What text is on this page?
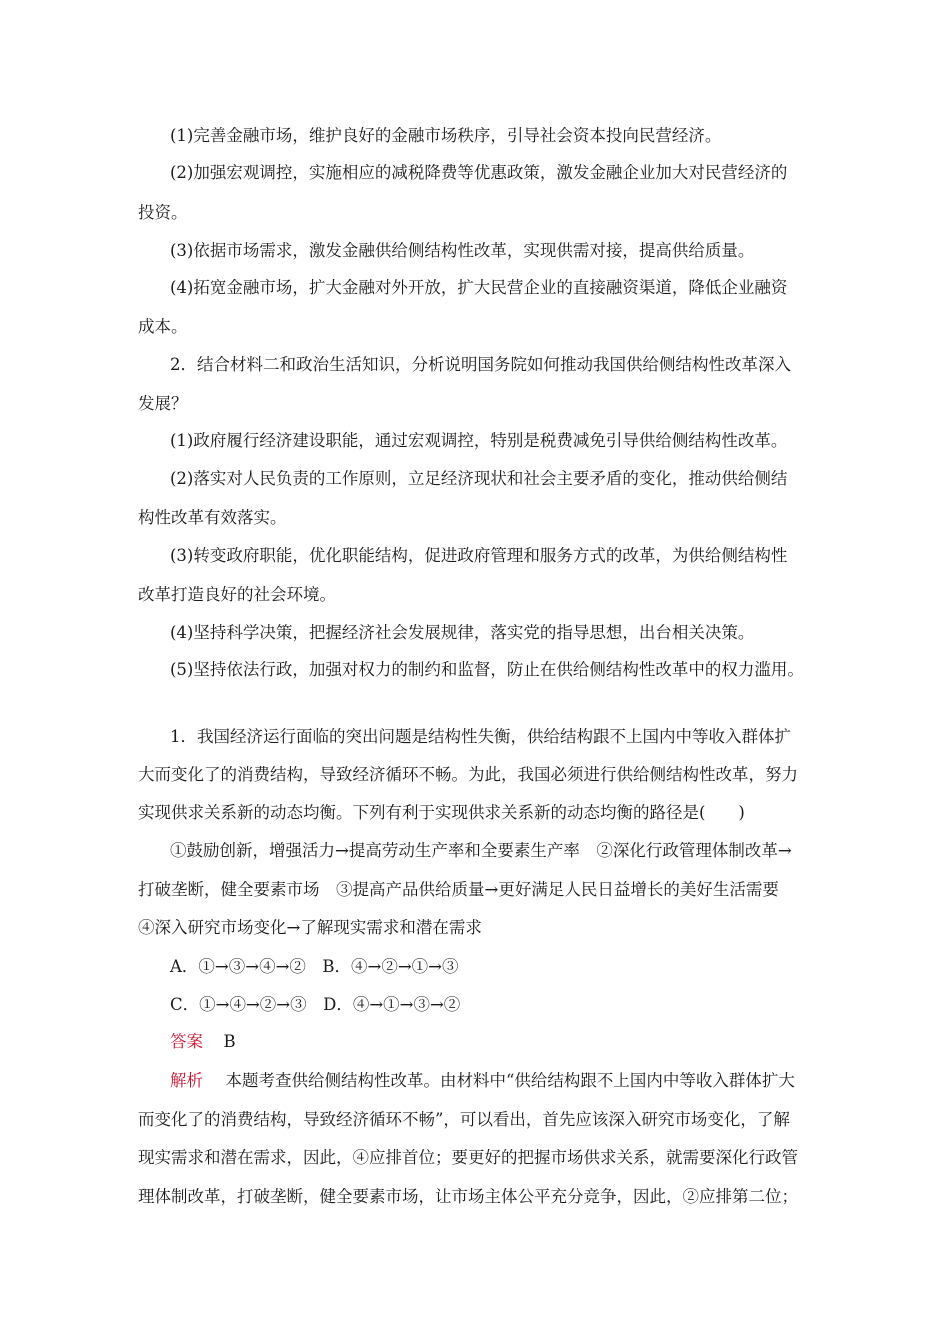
(1)完善金融市场，维护良好的金融市场秩序，引导社会资本投向民营经济。
(2)加强宏观调控，实施相应的减税降费等优惠政策，激发金融企业加大对民营经济的
投资。
(3)依据市场需求，激发金融供给侧结构性改革，实现供需对接，提高供给质量。
(4)拓宽金融市场，扩大金融对外开放，扩大民营企业的直接融资渠道，降低企业融资
成本。
2．结合材料二和政治生活知识，分析说明国务院如何推动我国供给侧结构性改革深入
发展？
(1)政府履行经济建设职能，通过宏观调控，特别是税费减免引导供给侧结构性改革。
(2)落实对人民负责的工作原则，立足经济现状和社会主要矛盾的变化，推动供给侧结
构性改革有效落实。
(3)转变政府职能，优化职能结构，促进政府管理和服务方式的改革，为供给侧结构性
改革打造良好的社会环境。
(4)坚持科学决策，把握经济社会发展规律，落实党的指导思想，出台相关决策。
(5)坚持依法行政，加强对权力的制约和监督，防止在供给侧结构性改革中的权力滥用。
1．我国经济运行面临的突出问题是结构性失衡，供给结构跟不上国内中等收入群体扩
大而变化了的消费结构，导致经济循环不畅。为此，我国必须进行供给侧结构性改革，努力
实现供求关系新的动态均衡。下列有利于实现供求关系新的动态均衡的路径是(　　)
①鼓励创新，增强活力→提高劳动生产率和全要素生产率　②深化行政管理体制改革→
打破垄断，健全要素市场　③提高产品供给质量→更好满足人民日益增长的美好生活需要
④深入研究市场变化→了解现实需求和潜在需求
A．①→③→④→②　B．④→②→①→③
C．①→④→②→③　D．④→①→③→②
答案 B
解析 本题考查供给侧结构性改革。由材料中“供给结构跟不上国内中等收入群体扩大
而变化了的消费结构，导致经济循环不畅”，可以看出，首先应该深入研究市场变化，了解
现实需求和潜在需求，因此，④应排首位；要更好的把握市场供求关系，就需要深化行政管
理体制改革，打破垄断，健全要素市场，让市场主体公平充分竞争，因此，②应排第二位；
